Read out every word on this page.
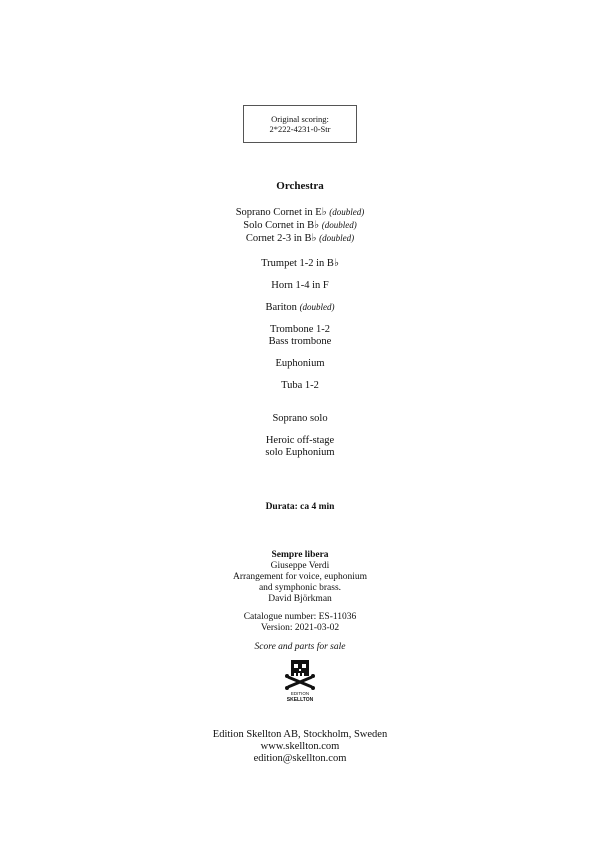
Original scoring:
2*222-4231-0-Str
Orchestra
Soprano Cornet in E♭ (doubled)
Solo Cornet in B♭ (doubled)
Cornet 2-3 in B♭ (doubled)
Trumpet 1-2 in B♭
Horn 1-4 in F
Bariton (doubled)
Trombone 1-2
Bass trombone
Euphonium
Tuba 1-2
Soprano solo
Heroic off-stage
solo Euphonium
Durata: ca 4 min
Sempre libera
Giuseppe Verdi
Arrangement for voice, euphonium
and symphonic brass.
David Björkman
Catalogue number: ES-11036
Version: 2021-03-02
Score and parts for sale
EDITION
SKELLTON
Edition Skellton AB, Stockholm, Sweden
www.skellton.com
edition@skellton.com
